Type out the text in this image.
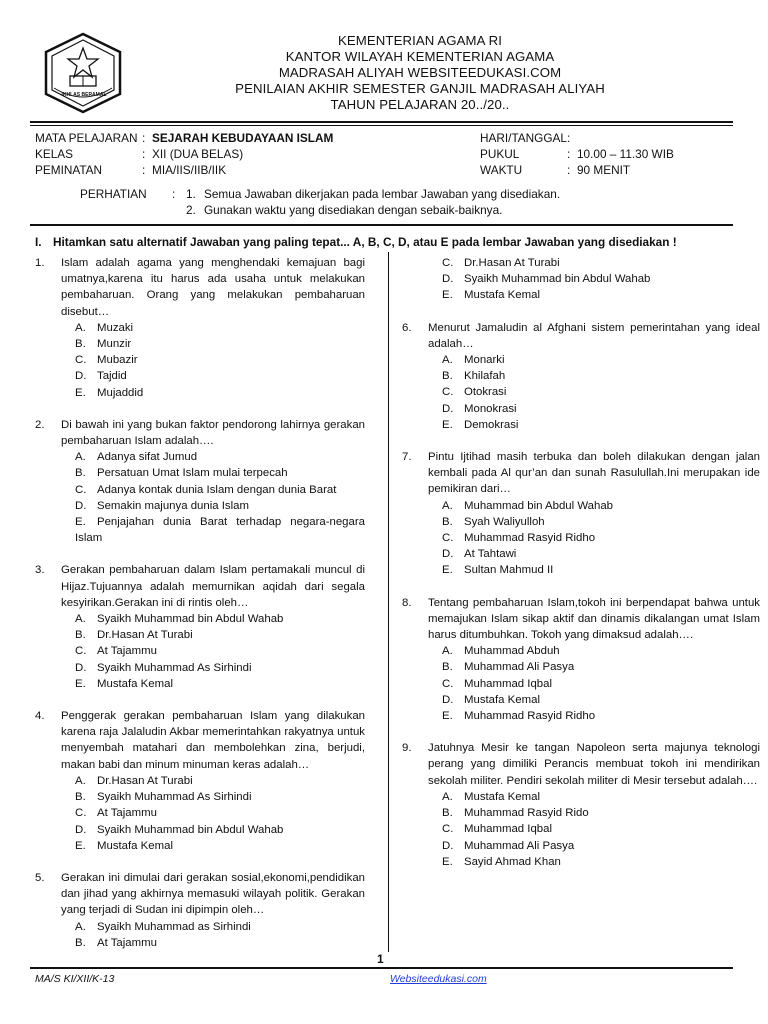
IKHLAS BERAMAL
KEMENTERIAN AGAMA RI
KANTOR WILAYAH KEMENTERIAN AGAMA
MADRASAH ALIYAH WEBSITEEDUKASI.COM
PENILAIAN AKHIR SEMESTER GANJIL MADRASAH ALIYAH
TAHUN PELAJARAN 20../20..
MATA PELAJARAN : SEJARAH KEBUDAYAAN ISLAM
KELAS	: XII (DUA BELAS)
PEMINATAN	: MIA/IIS/IIB/IIK
HARI/TANGGAL :
PUKUL	: 10.00 – 11.30 WIB
WAKTU	: 90 MENIT
PERHATIAN : 1. Semua Jawaban dikerjakan pada lembar Jawaban yang disediakan.
2. Gunakan waktu yang disediakan dengan sebaik-baiknya.
I. Hitamkan satu alternatif Jawaban yang paling tepat... A, B, C, D, atau E pada lembar Jawaban yang disediakan !
1. Islam adalah agama yang menghendaki kemajuan bagi umatnya,karena itu harus ada usaha untuk melakukan pembaharuan. Orang yang melakukan pembaharuan disebut…
A. Muzaki
B. Munzir
C. Mubazir
D. Tajdid
E. Mujaddid
2. Di bawah ini yang bukan faktor pendorong lahirnya gerakan pembaharuan Islam adalah….
A. Adanya sifat Jumud
B. Persatuan Umat Islam mulai terpecah
C. Adanya kontak dunia Islam dengan dunia Barat
D. Semakin majunya dunia Islam
E. Penjajahan dunia Barat terhadap negara-negara Islam
3. Gerakan pembaharuan dalam Islam pertamakali muncul di Hijaz.Tujuannya adalah memurnikan aqidah dari segala kesyirikan.Gerakan ini di rintis oleh…
A. Syaikh Muhammad bin Abdul Wahab
B. Dr.Hasan At Turabi
C. At Tajammu
D. Syaikh Muhammad As Sirhindi
E. Mustafa Kemal
4. Penggerak gerakan pembaharuan Islam yang dilakukan karena raja Jalaludin Akbar memerintahkan rakyatnya untuk menyembah matahari dan membolehkan zina, berjudi, makan babi dan minum minuman keras adalah…
A. Dr.Hasan At Turabi
B. Syaikh Muhammad As Sirhindi
C. At Tajammu
D. Syaikh Muhammad bin Abdul Wahab
E. Mustafa Kemal
5. Gerakan ini dimulai dari gerakan sosial,ekonomi,pendidikan dan jihad yang akhirnya memasuki wilayah politik. Gerakan yang terjadi di Sudan ini dipimpin oleh…
A. Syaikh Muhammad as Sirhindi
B. At Tajammu
C. Dr.Hasan At Turabi
D. Syaikh Muhammad bin Abdul Wahab
E. Mustafa Kemal
6. Menurut Jamaludin al Afghani sistem pemerintahan yang ideal adalah…
A. Monarki
B. Khilafah
C. Otokrasi
D. Monokrasi
E. Demokrasi
7. Pintu Ijtihad masih terbuka dan boleh dilakukan dengan jalan kembali pada Al qur’an dan sunah Rasulullah.Ini merupakan ide pemikiran dari…
A. Muhammad bin Abdul Wahab
B. Syah Waliyulloh
C. Muhammad Rasyid Ridho
D. At Tahtawi
E. Sultan Mahmud II
8. Tentang pembaharuan Islam,tokoh ini berpendapat bahwa untuk memajukan Islam sikap aktif dan dinamis dikalangan umat Islam harus ditumbuhkan. Tokoh yang dimaksud adalah….
A. Muhammad Abduh
B. Muhammad Ali Pasya
C. Muhammad Iqbal
D. Mustafa Kemal
E. Muhammad Rasyid Ridho
9. Jatuhnya Mesir ke tangan Napoleon serta majunya teknologi perang yang dimiliki Perancis membuat tokoh ini mendirikan sekolah militer. Pendiri sekolah militer di Mesir tersebut adalah….
A. Mustafa Kemal
B. Muhammad Rasyid Rido
C. Muhammad Iqbal
D. Muhammad Ali Pasya
E. Sayid Ahmad Khan
1
MA/S KI/XII/K-13	Websiteedukasi.com
